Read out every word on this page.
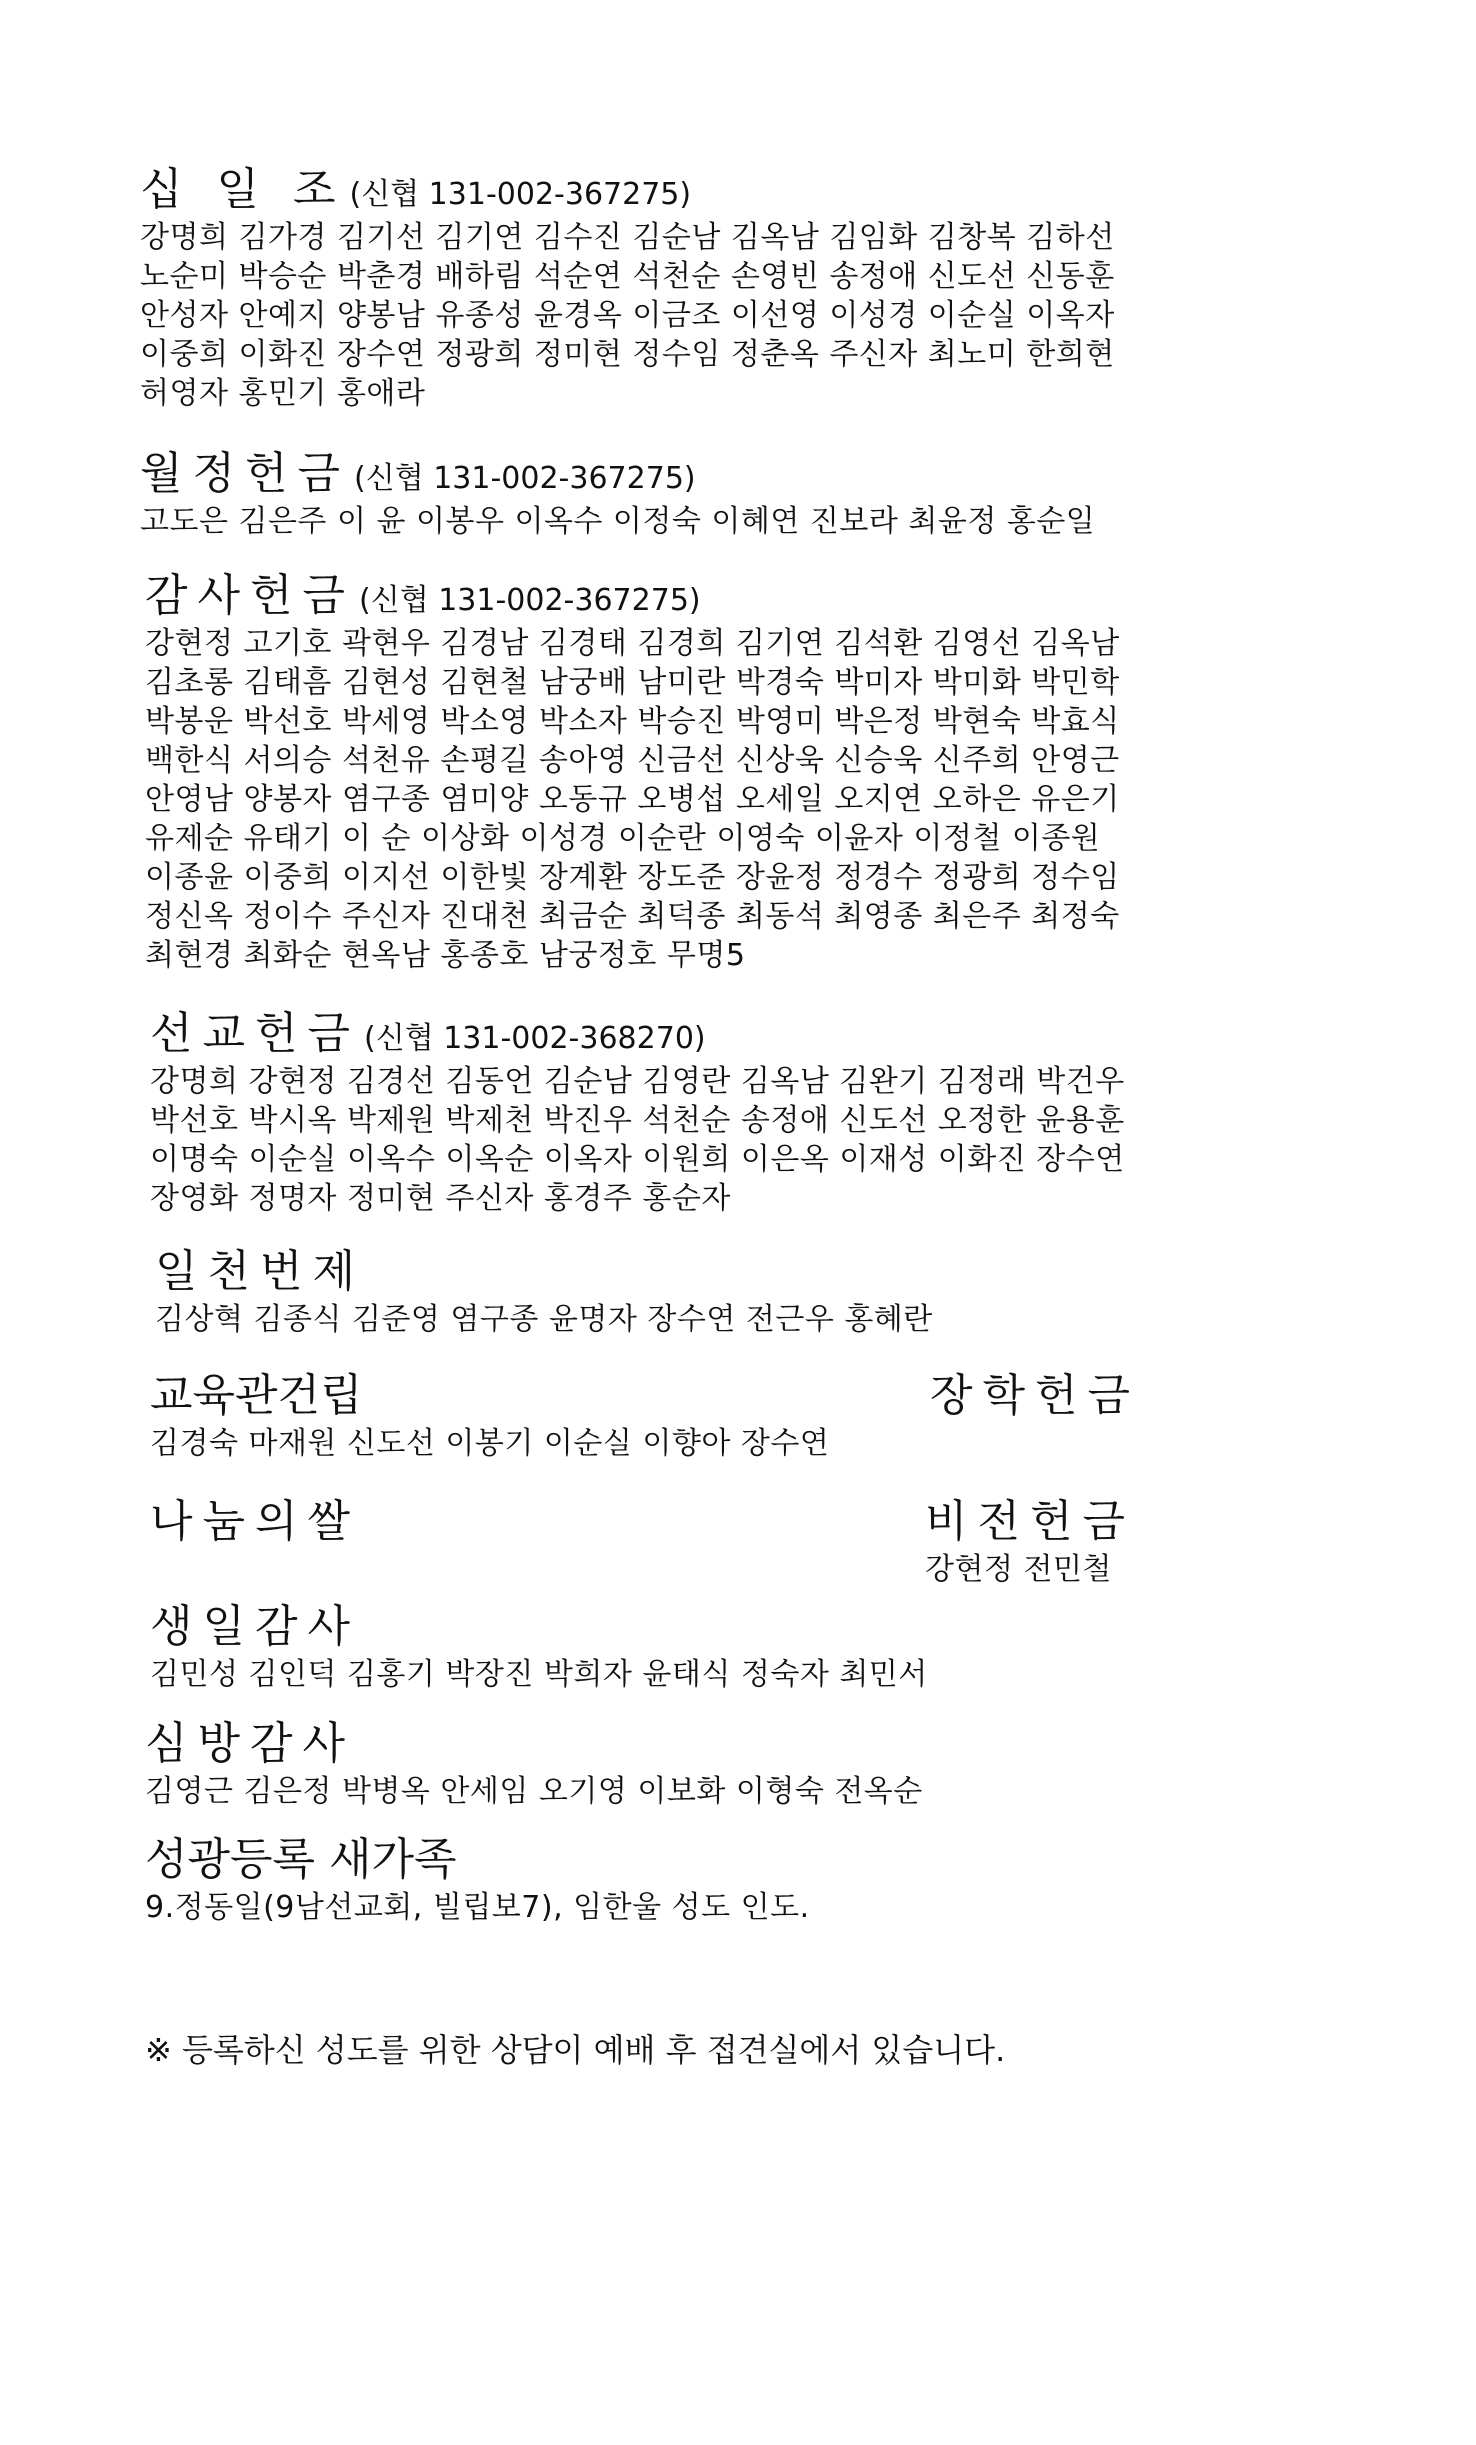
십 일 조 (신협 131-002-367275)
강명희 김가경 김기선 김기연 김수진 김순남 김옥남 김임화 김창복 김하선
노순미 박승순 박춘경 배하림 석순연 석천순 손영빈 송정애 신도선 신동훈
안성자 안예지 양봉남 유종성 윤경옥 이금조 이선영 이성경 이순실 이옥자
이중희 이화진 장수연 정광희 정미현 정수임 정춘옥 주신자 최노미 한희현
허영자 홍민기 홍애라
월정헌금 (신협 131-002-367275)
고도은 김은주 이 윤 이봉우 이옥수 이정숙 이혜연 진보라 최윤정 홍순일
감사헌금 (신협 131-002-367275)
강현정 고기호 곽현우 김경남 김경태 김경희 김기연 김석환 김영선 김옥남
김초롱 김태흠 김현성 김현철 남궁배 남미란 박경숙 박미자 박미화 박민학
박봉운 박선호 박세영 박소영 박소자 박승진 박영미 박은정 박현숙 박효식
백한식 서의승 석천유 손평길 송아영 신금선 신상욱 신승욱 신주희 안영근
안영남 양봉자 염구종 염미양 오동규 오병섭 오세일 오지연 오하은 유은기
유제순 유태기 이 순 이상화 이성경 이순란 이영숙 이윤자 이정철 이종원
이종윤 이중희 이지선 이한빛 장계환 장도준 장윤정 정경수 정광희 정수임
정신옥 정이수 주신자 진대천 최금순 최덕종 최동석 최영종 최은주 최정숙
최현경 최화순 현옥남 홍종호 남궁정호 무명5
선교헌금 (신협 131-002-368270)
강명희 강현정 김경선 김동언 김순남 김영란 김옥남 김완기 김정래 박건우
박선호 박시옥 박제원 박제천 박진우 석천순 송정애 신도선 오정한 윤용훈
이명숙 이순실 이옥수 이옥순 이옥자 이원희 이은옥 이재성 이화진 장수연
장영화 정명자 정미현 주신자 홍경주 홍순자
일천번제
김상혁 김종식 김준영 염구종 윤명자 장수연 전근우 홍혜란
교육관건립
김경숙 마재원 신도선 이봉기 이순실 이향아 장수연
장학헌금
나눔의쌀	비전헌금
강현정 전민철
생일감사
김민성 김인덕 김홍기 박장진 박희자 윤태식 정숙자 최민서
심방감사
김영근 김은정 박병옥 안세임 오기영 이보화 이형숙 전옥순
성광등록 새가족
9.정동일(9남선교회, 빌립보7), 임한울 성도 인도.
※ 등록하신 성도를 위한 상담이 예배 후 접견실에서 있습니다.
